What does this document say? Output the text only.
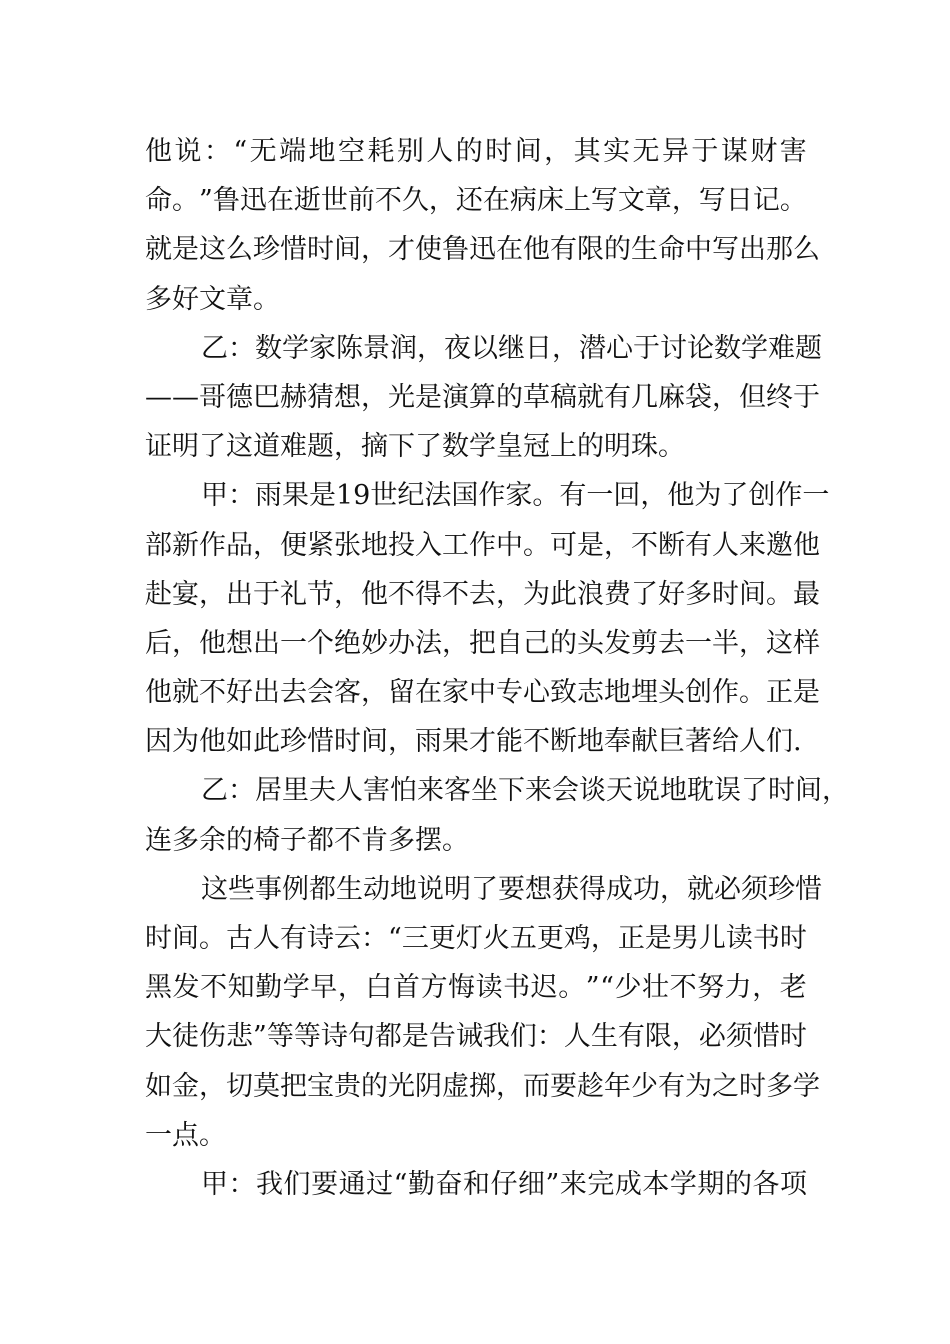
他 说 ： “ 无 端 地 空 耗 别 人 的 时 间 ， 其 实 无 异 于 谋 财 害
命 。 ” 鲁 迅 在 逝 世 前 不 久 ， 还 在 病 床 上 写 文 章 ， 写 日 记 。
就 是 这 么 珍 惜 时 间 ， 才 使 鲁 迅 在 他 有 限 的 生 命 中 写 出 那 么
多好文章。
乙 ： 数 学 家 陈 景 润 ， 夜 以 继 日 ， 潜 心 于 讨 论 数 学 难 题
— — 哥 德 巴 赫 猜 想 ， 光 是 演 算 的 草 稿 就 有 几 麻 袋 ， 但 终 于
证明了这道难题，摘下了数学皇冠上的明珠。
甲 ： 雨 果 是 19 世 纪 法 国 作 家 。 有 一 回 ， 他 为 了 创 作 一
部 新 作 品 ， 便 紧 张 地 投 入 工 作 中 。 可 是 ， 不 断 有 人 来 邀 他
赴 宴 ， 出 于 礼 节 ， 他 不 得 不 去 ， 为 此 浪 费 了 好 多 时 间 。 最
后 ， 他 想 出 一 个 绝 妙 办 法 ， 把 自 己 的 头 发 剪 去 一 半 ， 这 样
他 就 不 好 出 去 会 客 ， 留 在 家 中 专 心 致 志 地 埋 头 创 作 。 正 是
因为他如此珍惜时间，雨果才能不断地奉献巨著给人们.
乙 ： 居 里 夫 人 害 怕 来 客 坐 下 来 会 谈 天 说 地 耽 误 了 时 间 ，
连多余的椅子都不肯多摆。
这 些 事 例 都 生 动 地 说 明 了 要 想 获 得 成 功 ， 就 必 须 珍 惜
时 间 。 古 人 有 诗 云 ： “ 三 更 灯 火 五 更 鸡 ， 正 是 男 儿 读 书 时
黑 发 不 知 勤 学 早 ， 白 首 方 悔 读 书 迟 。 ” “ 少 壮 不 努 力 ， 老
大 徒 伤 悲 ” 等 等 诗 句 都 是 告 诫 我 们 ： 人 生 有 限 ， 必 须 惜 时
如 金 ， 切 莫 把 宝 贵 的 光 阴 虚 掷 ， 而 要 趁 年 少 有 为 之 时 多 学
一点。
甲 ： 我 们 要 通 过 “ 勤 奋 和 仔 细 ” 来 完 成 本 学 期 的 各 项
